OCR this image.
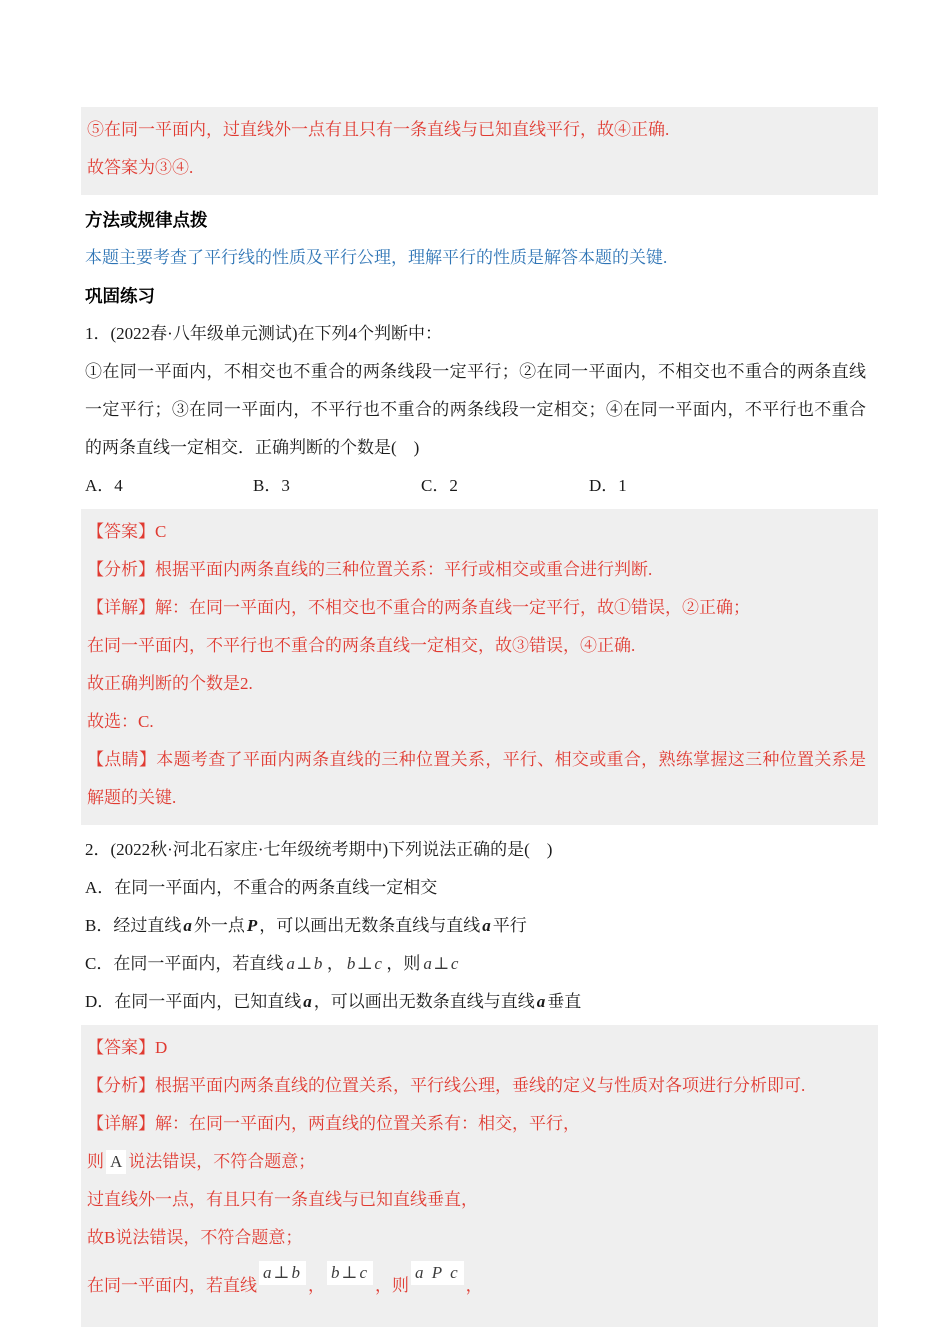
⑤在同一平面内，过直线外一点有且只有一条直线与已知直线平行，故④正确.

故答案为③④.

方法或规律点拨

本题主要考查了平行线的性质及平行公理，理解平行的性质是解答本题的关键.

巩固练习

1．(2022春·八年级单元测试)在下列4个判断中：

①在同一平面内，不相交也不重合的两条线段一定平行；②在同一平面内，不相交也不重合的两条直线一定平行；③在同一平面内，不平行也不重合的两条线段一定相交；④在同一平面内，不平行也不重合的两条直线一定相交．正确判断的个数是(　)

A．4	B．3	C．2	D．1

【答案】C

【分析】根据平面内两条直线的三种位置关系：平行或相交或重合进行判断.

【详解】解：在同一平面内，不相交也不重合的两条直线一定平行，故①错误，②正确；

在同一平面内，不平行也不重合的两条直线一定相交，故③错误，④正确.

故正确判断的个数是2.

故选：C.

【点睛】本题考查了平面内两条直线的三种位置关系，平行、相交或重合，熟练掌握这三种位置关系是解题的关键.

2．(2022秋·河北石家庄·七年级统考期中)下列说法正确的是(　)

A．在同一平面内，不重合的两条直线一定相交

B．经过直线 a 外一点 P ，可以画出无数条直线与直线 a 平行

C．在同一平面内，若直线 a⊥b ， b⊥c ，则 a⊥c

D．在同一平面内，已知直线 a ，可以画出无数条直线与直线 a 垂直

【答案】D

【分析】根据平面内两条直线的位置关系，平行线公理，垂线的定义与性质对各项进行分析即可.

【详解】解：在同一平面内，两直线的位置关系有：相交，平行，

则 A 说法错误，不符合题意；

过直线外一点，有且只有一条直线与已知直线垂直，

故B说法错误，不符合题意；

在同一平面内，若直线a⊥b，b⊥c，则a P c，
